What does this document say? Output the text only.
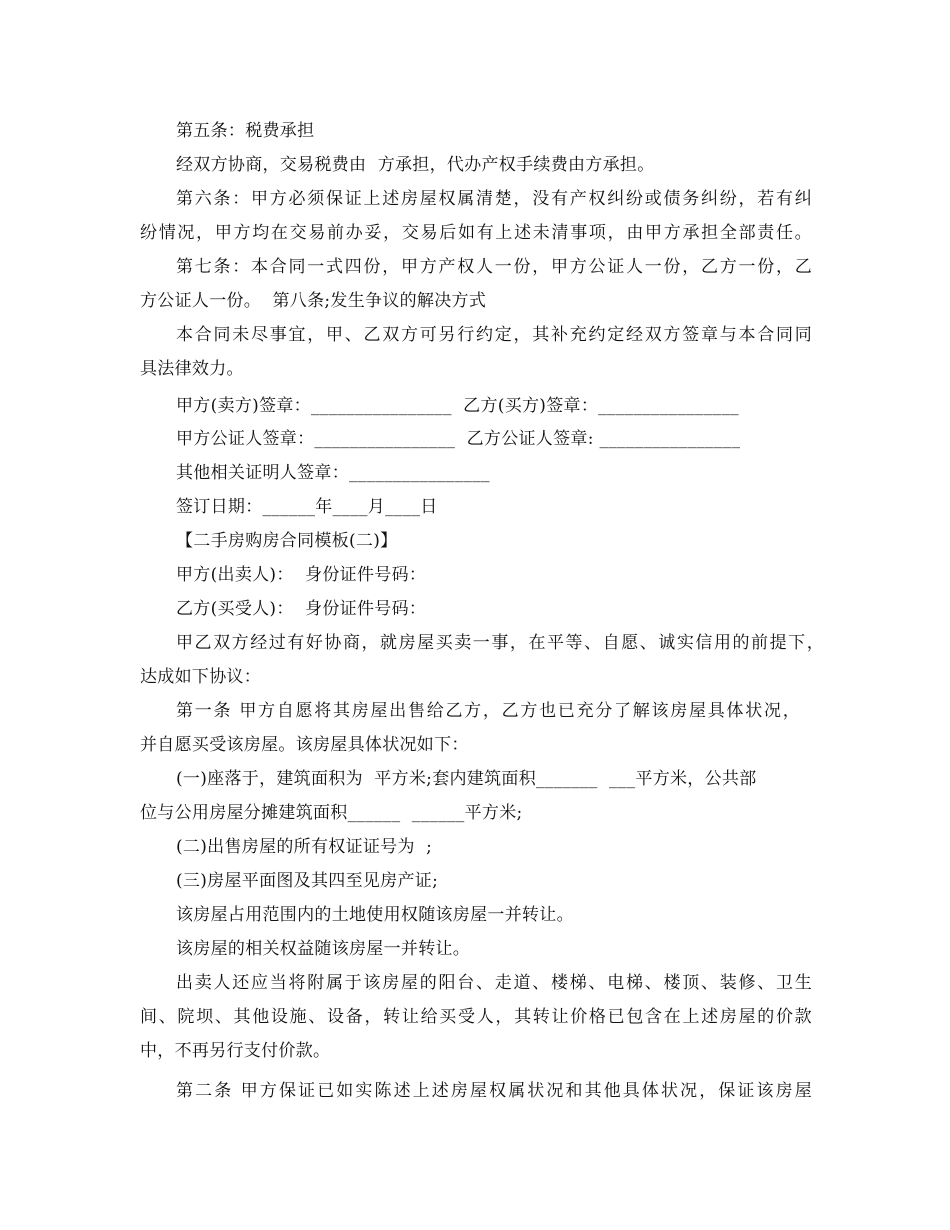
第五条：税费承担
经双方协商，交易税费由  方承担，代办产权手续费由方承担。
第六条：甲方必须保证上述房屋权属清楚，没有产权纠纷或债务纠纷，若有纠
纷情况，甲方均在交易前办妥，交易后如有上述未清事项，由甲方承担全部责任。
第七条：本合同一式四份，甲方产权人一份，甲方公证人一份，乙方一份，乙
方公证人一份。  第八条;发生争议的解决方式
本合同未尽事宜，甲、乙双方可另行约定，其补充约定经双方签章与本合同同
具法律效力。
甲方(卖方)签章：________________  乙方(买方)签章：________________
甲方公证人签章：________________  乙方公证人签章: ________________
其他相关证明人签章：________________
签订日期：______年____月____日
【二手房购房合同模板(二)】
甲方(出卖人)：  身份证件号码：
乙方(买受人)：  身份证件号码：
甲乙双方经过有好协商，就房屋买卖一事，在平等、自愿、诚实信用的前提下，
达成如下协议：
第一条 甲方自愿将其房屋出售给乙方，乙方也已充分了解该房屋具体状况，
并自愿买受该房屋。该房屋具体状况如下：
(一)座落于，建筑面积为  平方米;套内建筑面积_______  ___平方米，公共部
位与公用房屋分摊建筑面积______  ______平方米;
(二)出售房屋的所有权证证号为  ;
(三)房屋平面图及其四至见房产证;
该房屋占用范围内的土地使用权随该房屋一并转让。
该房屋的相关权益随该房屋一并转让。
出卖人还应当将附属于该房屋的阳台、走道、楼梯、电梯、楼顶、装修、卫生
间、院坝、其他设施、设备，转让给买受人，其转让价格已包含在上述房屋的价款
中，不再另行支付价款。
第二条 甲方保证已如实陈述上述房屋权属状况和其他具体状况，保证该房屋
